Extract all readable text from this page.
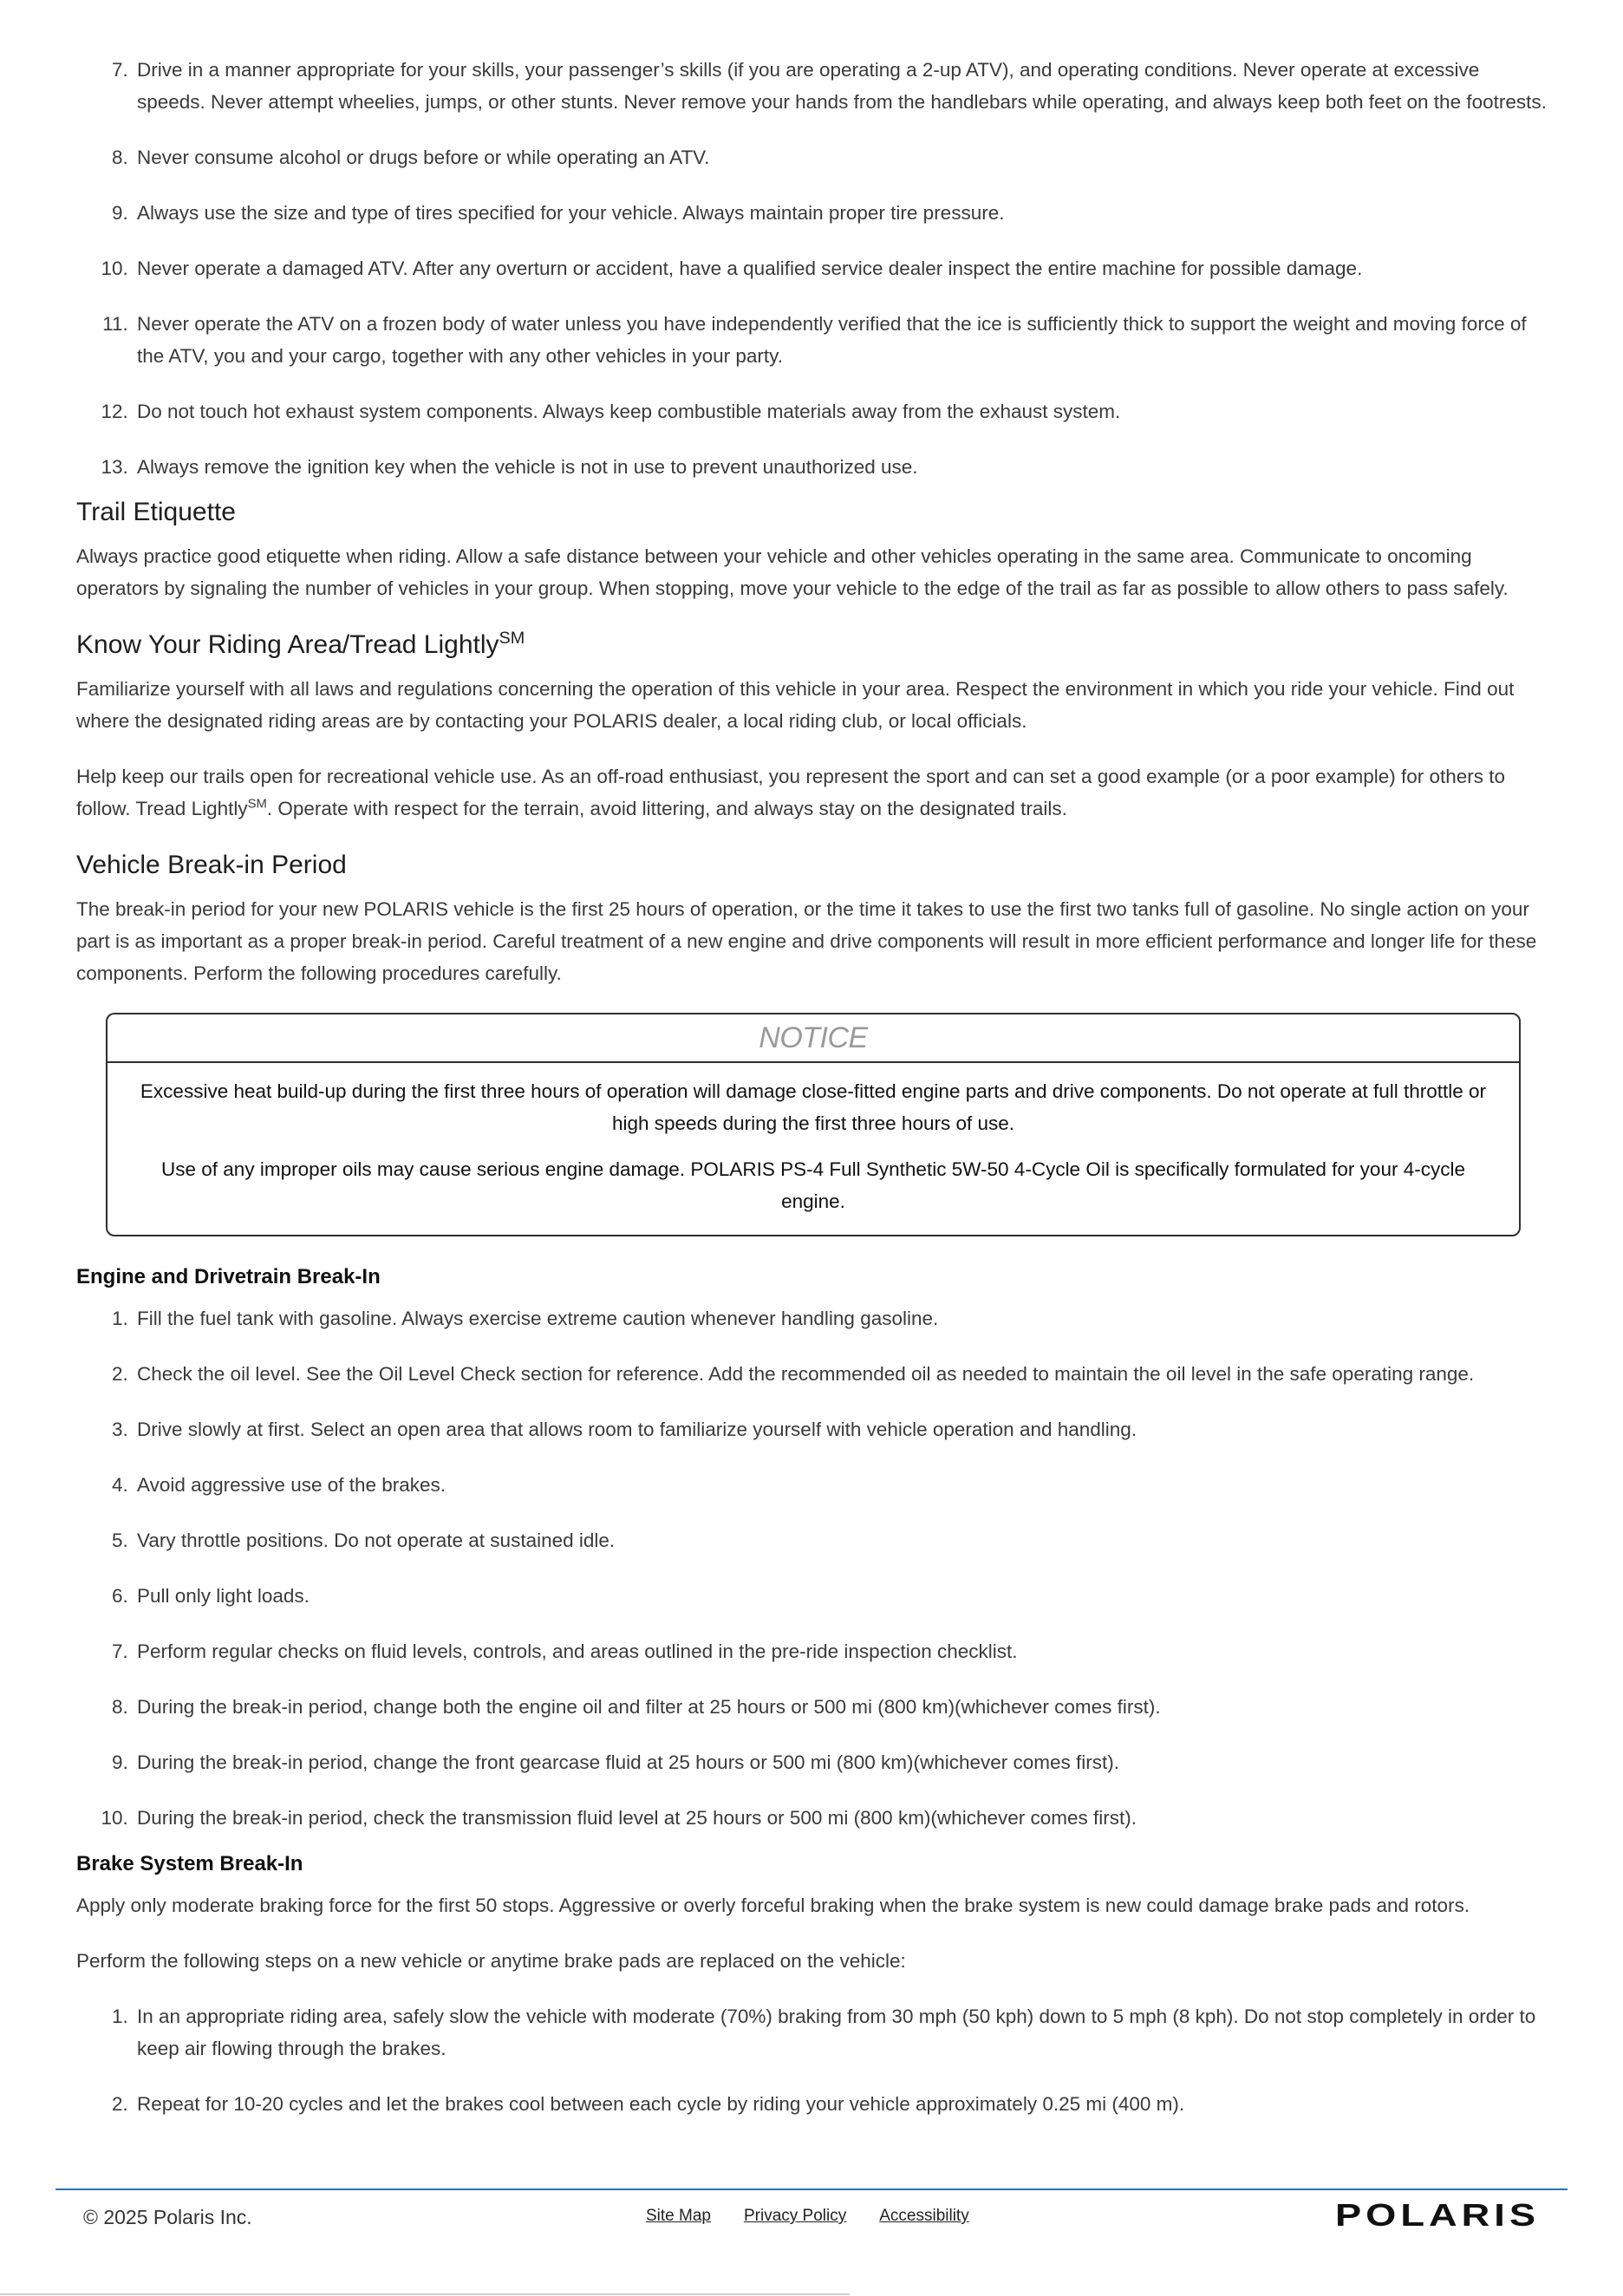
7. Drive in a manner appropriate for your skills, your passenger’s skills (if you are operating a 2-up ATV), and operating conditions. Never operate at excessive speeds. Never attempt wheelies, jumps, or other stunts. Never remove your hands from the handlebars while operating, and always keep both feet on the footrests.
8. Never consume alcohol or drugs before or while operating an ATV.
9. Always use the size and type of tires specified for your vehicle. Always maintain proper tire pressure.
10. Never operate a damaged ATV. After any overturn or accident, have a qualified service dealer inspect the entire machine for possible damage.
11. Never operate the ATV on a frozen body of water unless you have independently verified that the ice is sufficiently thick to support the weight and moving force of the ATV, you and your cargo, together with any other vehicles in your party.
12. Do not touch hot exhaust system components. Always keep combustible materials away from the exhaust system.
13. Always remove the ignition key when the vehicle is not in use to prevent unauthorized use.
Trail Etiquette

Always practice good etiquette when riding. Allow a safe distance between your vehicle and other vehicles operating in the same area. Communicate to oncoming operators by signaling the number of vehicles in your group. When stopping, move your vehicle to the edge of the trail as far as possible to allow others to pass safely.

Know Your Riding Area/Tread Lightly℠

Familiarize yourself with all laws and regulations concerning the operation of this vehicle in your area. Respect the environment in which you ride your vehicle. Find out where the designated riding areas are by contacting your POLARIS dealer, a local riding club, or local officials.

Help keep our trails open for recreational vehicle use. As an off-road enthusiast, you represent the sport and can set a good example (or a poor example) for others to follow. Tread Lightly℠. Operate with respect for the terrain, avoid littering, and always stay on the designated trails.

Vehicle Break-in Period

The break-in period for your new POLARIS vehicle is the first 25 hours of operation, or the time it takes to use the first two tanks full of gasoline. No single action on your part is as important as a proper break-in period. Careful treatment of a new engine and drive components will result in more efficient performance and longer life for these components. Perform the following procedures carefully.

NOTICE

Excessive heat build-up during the first three hours of operation will damage close-fitted engine parts and drive components. Do not operate at full throttle or high speeds during the first three hours of use.

Use of any improper oils may cause serious engine damage. POLARIS PS-4 Full Synthetic 5W-50 4-Cycle Oil is specifically formulated for your 4-cycle engine.

Engine and Drivetrain Break-In
1. Fill the fuel tank with gasoline. Always exercise extreme caution whenever handling gasoline.
2. Check the oil level. See the Oil Level Check section for reference. Add the recommended oil as needed to maintain the oil level in the safe operating range.
3. Drive slowly at first. Select an open area that allows room to familiarize yourself with vehicle operation and handling.
4. Avoid aggressive use of the brakes.
5. Vary throttle positions. Do not operate at sustained idle.
6. Pull only light loads.
7. Perform regular checks on fluid levels, controls, and areas outlined in the pre-ride inspection checklist.
8. During the break-in period, change both the engine oil and filter at 25 hours or 500 mi (800 km)(whichever comes first).
9. During the break-in period, change the front gearcase fluid at 25 hours or 500 mi (800 km)(whichever comes first).
10. During the break-in period, check the transmission fluid level at 25 hours or 500 mi (800 km)(whichever comes first).
Brake System Break-In

Apply only moderate braking force for the first 50 stops. Aggressive or overly forceful braking when the brake system is new could damage brake pads and rotors.

Perform the following steps on a new vehicle or anytime brake pads are replaced on the vehicle:

1. In an appropriate riding area, safely slow the vehicle with moderate (70%) braking from 30 mph (50 kph) down to 5 mph (8 kph). Do not stop completely in order to keep air flowing through the brakes.
2. Repeat for 10-20 cycles and let the brakes cool between each cycle by riding your vehicle approximately 0.25 mi (400 m).
© 2025 Polaris Inc.	Site Map Privacy Policy Accessibility	POLARIS
